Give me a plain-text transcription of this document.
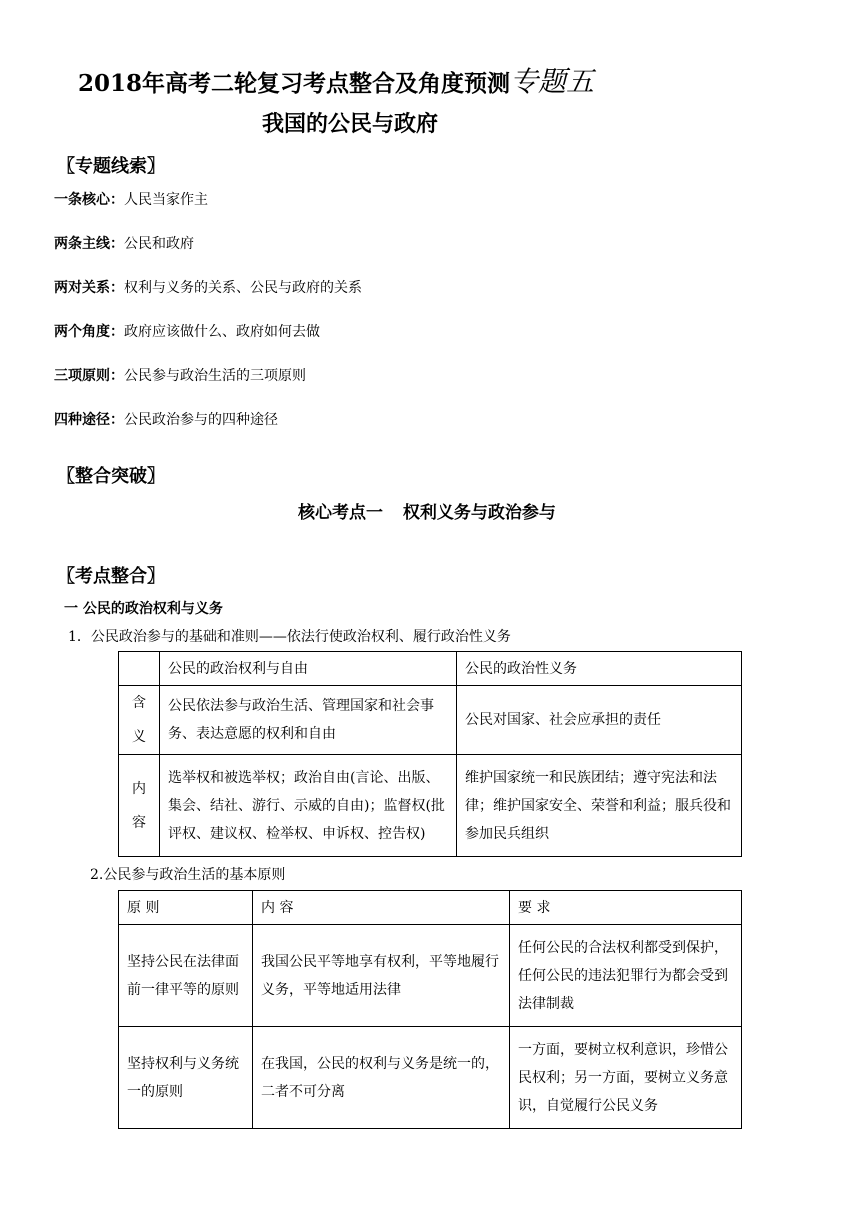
2018年高考二轮复习考点整合及角度预测专题五
我国的公民与政府
〖专题线索〗
一条核心：人民当家作主
两条主线：公民和政府
两对关系：权利与义务的关系、公民与政府的关系
两个角度：政府应该做什么、政府如何去做
三项原则：公民参与政治生活的三项原则
四种途径：公民政治参与的四种途径
〖整合突破〗
核心考点一 权利义务与政治参与
〖考点整合〗
一 公民的政治权利与义务
1．公民政治参与的基础和准则——依法行使政治权利、履行政治性义务
	公民的政治权利与自由	公民的政治性义务

含
义	公民依法参与政治生活、管理国家和社会事务、表达意愿的权利和自由	公民对国家、社会应承担的责任

内
容	选举权和被选举权；政治自由(言论、出版、集会、结社、游行、示威的自由)；监督权(批评权、建议权、检举权、申诉权、控告权)	维护国家统一和民族团结；遵守宪法和法律；维护国家安全、荣誉和利益；服兵役和参加民兵组织
2.公民参与政治生活的基本原则
原 则	内 容	要 求
坚持公民在法律面前一律平等的原则	我国公民平等地享有权利，平等地履行义务，平等地适用法律	任何公民的合法权利都受到保护，任何公民的违法犯罪行为都会受到法律制裁
坚持权利与义务统一的原则	在我国，公民的权利与义务是统一的，二者不可分离	一方面，要树立权利意识，珍惜公民权利；另一方面，要树立义务意识，自觉履行公民义务
